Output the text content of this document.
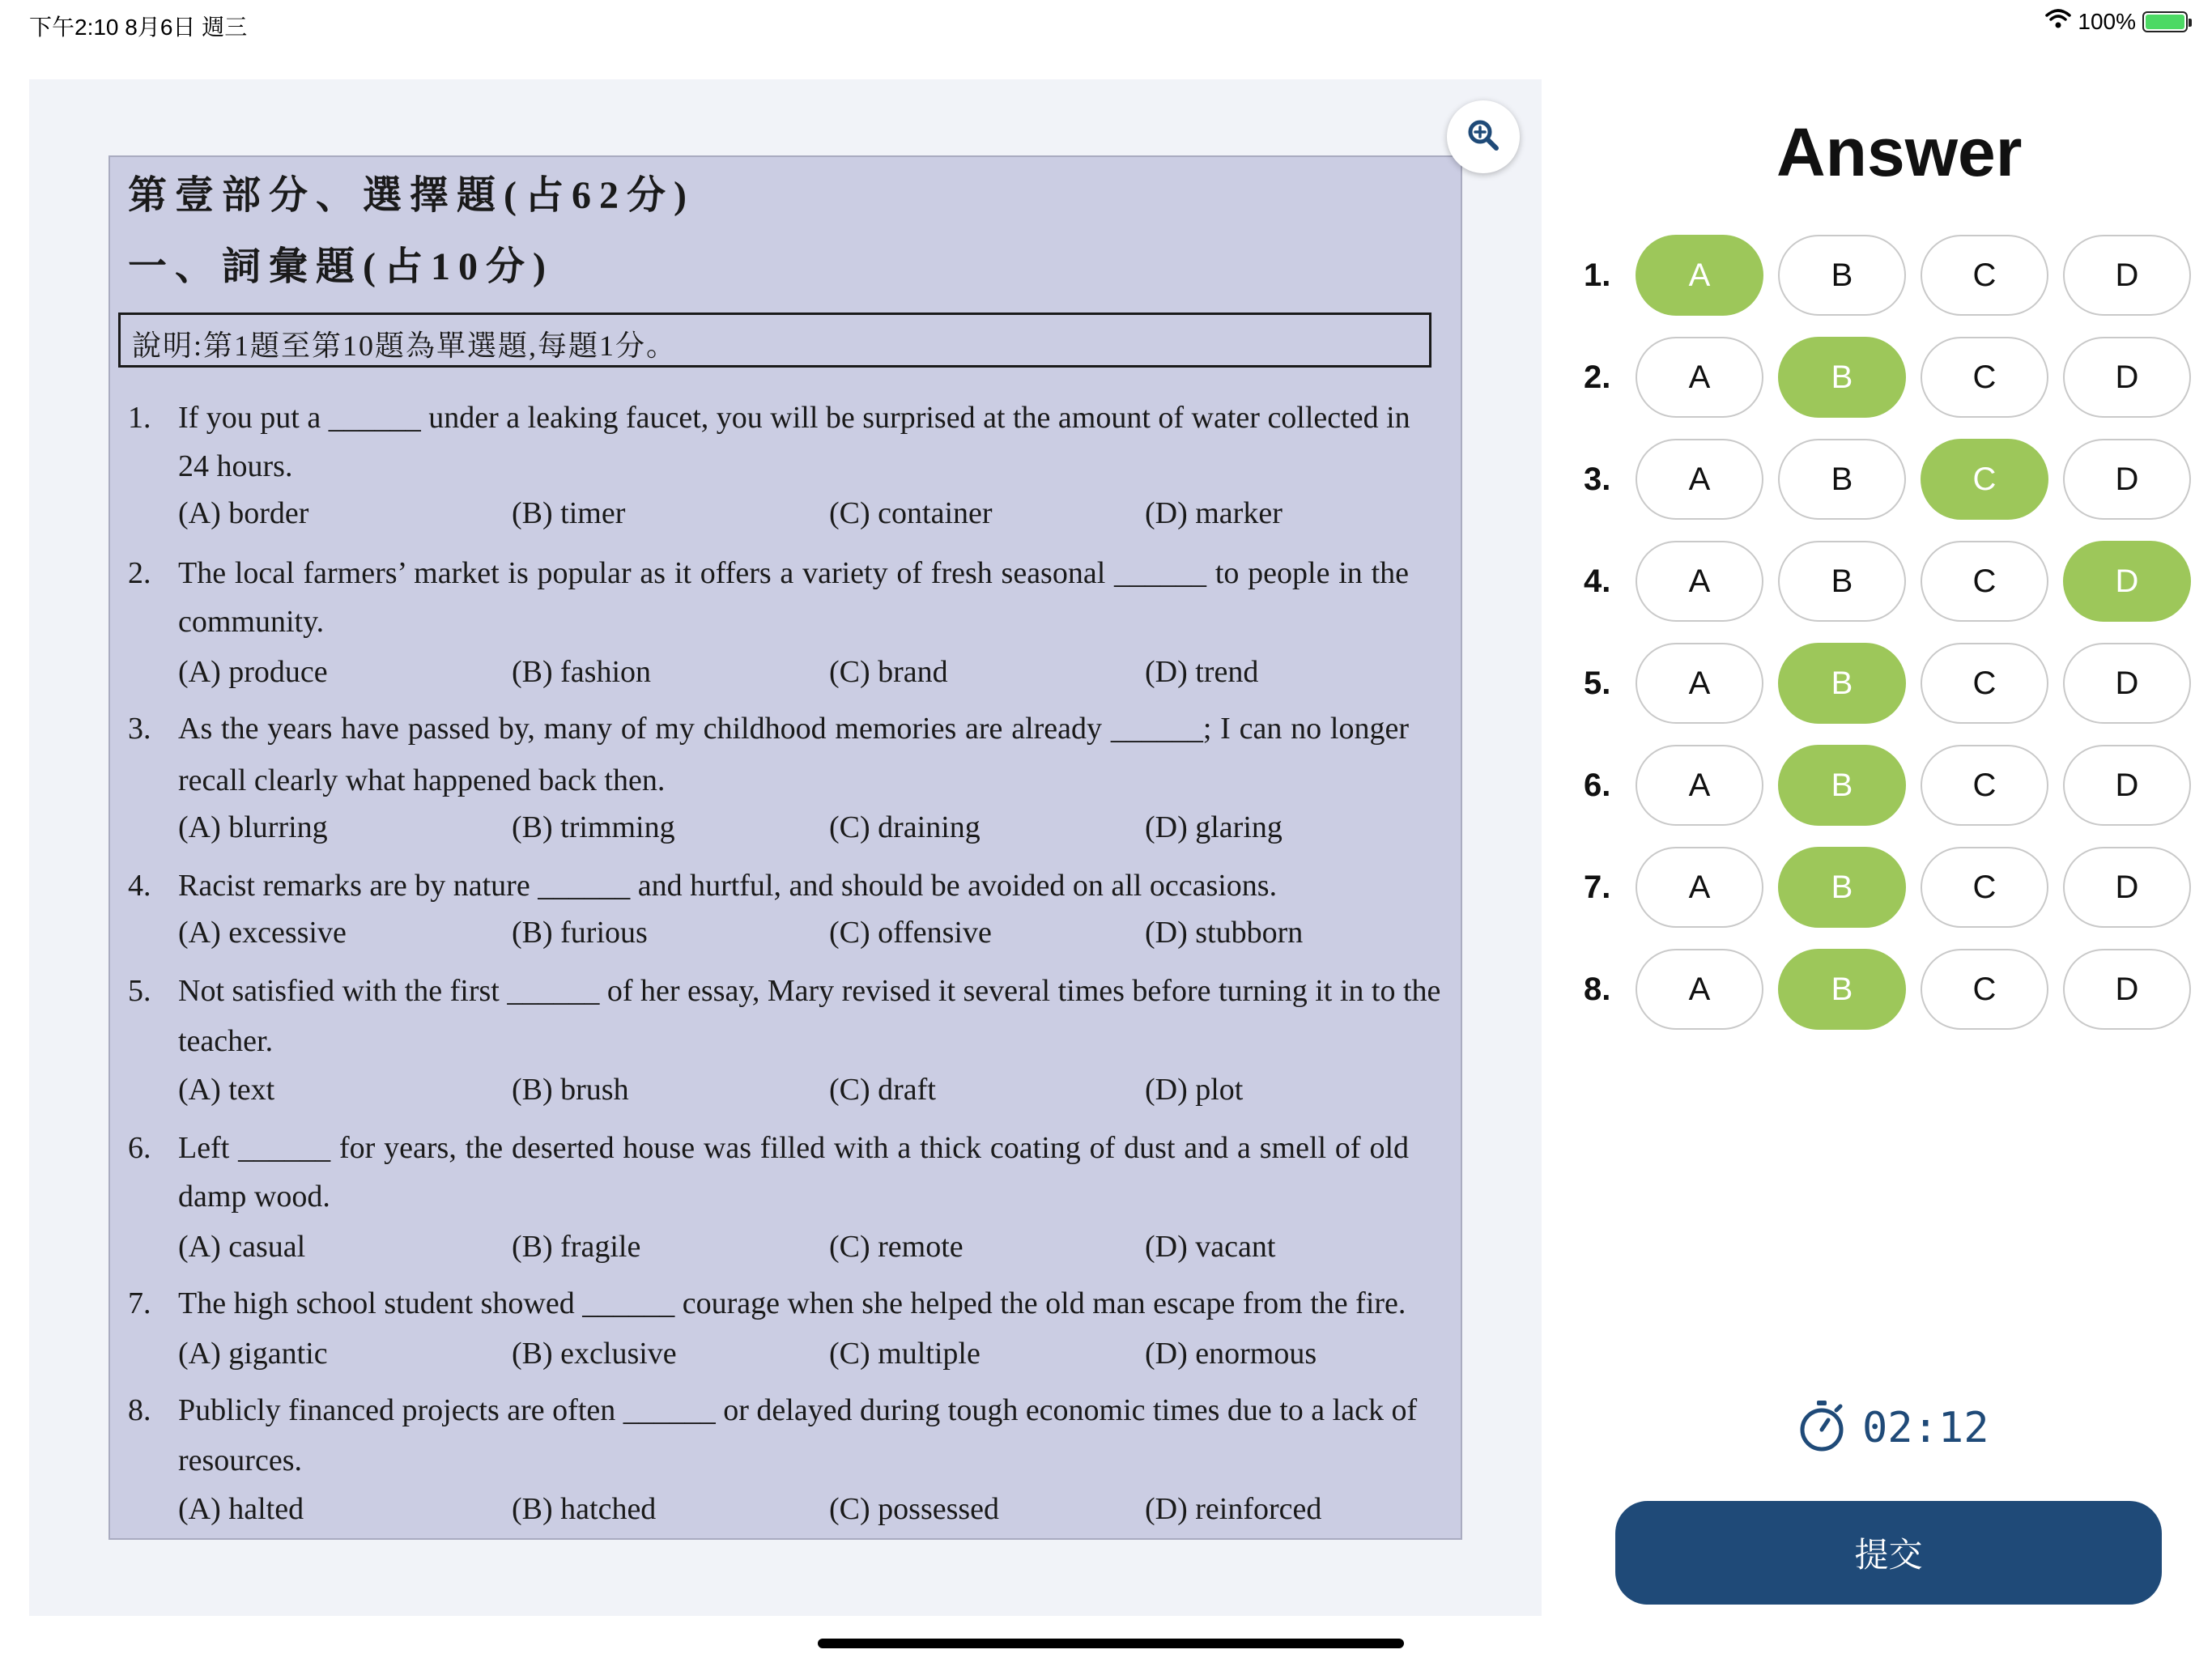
下午2:10 8月6日 週三	100%
第壹部分、選擇題(占62分)
一、詞彙題(占10分)
說明:第1題至第10題為單選題,每題1分。
1. If you put a ______ under a leaking faucet, you will be surprised at the amount of water collected in
24 hours.
(A) border	(B) timer	(C) container	(D) marker
2. The local farmers’ market is popular as it offers a variety of fresh seasonal ______ to people in the
community.
(A) produce	(B) fashion	(C) brand	(D) trend
3. As the years have passed by, many of my childhood memories are already ______; I can no longer
recall clearly what happened back then.
(A) blurring	(B) trimming	(C) draining	(D) glaring
4. Racist remarks are by nature ______ and hurtful, and should be avoided on all occasions.
(A) excessive	(B) furious	(C) offensive	(D) stubborn
5. Not satisfied with the first ______ of her essay, Mary revised it several times before turning it in to the
teacher.
(A) text	(B) brush	(C) draft	(D) plot
6. Left ______ for years, the deserted house was filled with a thick coating of dust and a smell of old
damp wood.
(A) casual	(B) fragile	(C) remote	(D) vacant
7. The high school student showed ______ courage when she helped the old man escape from the fire.
(A) gigantic	(B) exclusive	(C) multiple	(D) enormous
8. Publicly financed projects are often ______ or delayed during tough economic times due to a lack of
resources.
(A) halted	(B) hatched	(C) possessed	(D) reinforced
Answer
1.	A	B	C	D
2.	A	B	C	D
3.	A	B	C	D
4.	A	B	C	D
5.	A	B	C	D
6.	A	B	C	D
7.	A	B	C	D
8.	A	B	C	D
02:12
提交
